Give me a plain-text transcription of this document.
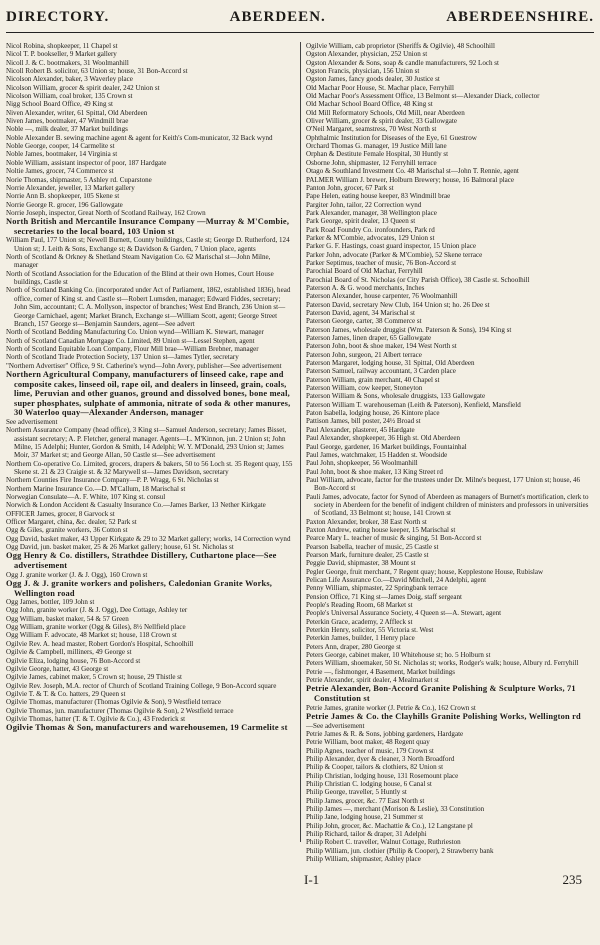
DIRECTORY.	ABERDEEN.	ABERDEENSHIRE.
Nicol Robina, shopkeeper, 11 Chapel st
Nicol T. P. bookseller, 9 Market gallery
Nicoll J. & C. bootmakers, 31 Woolmanhill
Nicoll Robert B. solicitor, 63 Union st; house, 31 Bon-Accord st
Nicolson Alexander, baker, 3 Waverley place
Nicolson William, grocer & spirit dealer, 242 Union st
Nicolson William, coal broker, 135 Crown st
Nigg School Board Office, 49 King st
Niven Alexander, writer, 61 Spittal, Old Aberdeen
Niven James, bootmaker, 47 Windmill brae
Noble —, milk dealer, 37 Market buildings
Noble Alexander B. sewing machine agent & agent for Keith's Com-municator, 32 Back wynd
Noble George, cooper, 14 Carmelite st
Noble James, bootmaker, 14 Virginia st
Noble William, assistant inspector of poor, 187 Hardgate
Noltie James, grocer, 74 Commerce st
Norie Thomas, shipmaster, 5 Ashley rd. Cuparstone
Norrie Alexander, jeweller, 13 Market gallery
Norrie Ann B. shopkeeper, 105 Skene st
Norrie George R. grocer, 196 Gallowgate
Norrie Joseph, inspector, Great North of Scotland Railway, 162 Crown
North British and Mercantile Insurance Company —Murray & M'Combie, secretaries to the local board, 103 Union st
William Paul, 177 Union st; Newell Burnett, County buildings, Castle st; George D. Rutherford, 124 Union st; J. Leith & Sons, Exchange st; & Davidson & Garden, 7 Union place, agents
North of Scotland & Orkney & Shetland Steam Navigation Co. 62 Marischal st—John Milne, manager
North of Scotland Association for the Education of the Blind at their own Homes, Court House buildings, Castle st
North of Scotland Banking Co. (incorporated under Act of Parliament, 1862, established 1836), head office, corner of King st. and Castle st—Robert Lumsden, manager; Edward Fiddes, secretary; John Sim, accountant; C. A. Mollyson, inspector of branches; West End Branch, 236 Union st—George Carnichael, agent; Market Branch, Exchange st—William Scott, agent; George Street Branch, 157 George st—Benjamin Saunders, agent—See advert
North of Scotland Bedding Manufacturing Co. Union wynd—William K. Stewart, manager
North of Scotland Canadian Mortgage Co. Limited, 89 Union st—Lessel Stephen, agent
North of Scotland Equitable Loan Company, Flour Mill brae—William Brebner, manager
North of Scotland Trade Protection Society, 137 Union st—James Tytler, secretary
"Northern Advertiser" Office, 9 St. Catherine's wynd—John Avery, publisher—See advertisement
Northern Agricultural Company, manufacturers of linseed cake, rape and composite cakes, linseed oil, rape oil, and dealers in linseed, grain, coals, lime, Peruvian and other guanos, ground and dissolved bones, bone meal, super phosphates, sulphate of ammonia, nitrate of soda & other manures, 30 Waterloo quay—Alexander Anderson, manager
See advertisement
Northern Assurance Company (head office), 3 King st—Samuel Anderson, secretary; James Bisset, assistant secretary; A. P. Fletcher, general manager. Agents—L. M'Kinnon, jun. 2 Union st; John Milne, 15 Adelphi; Hunter, Gordon & Smith, 14 Adelphi; W. Y. M'Donald, 293 Union st; James Moir, 37 Market st; and George Allan, 50 Castle st—See advertisement
Northern Co-operative Co. Limited, grocers, drapers & bakers, 50 to 56 Loch st. 35 Regent quay, 155 Skene st. 21 & 23 Craigie st. & 32 Marywell st—James Davidson, secretary
Northern Counties Fire Insurance Company—P. P. Wragg, 6 St. Nicholas st
Northern Marine Insurance Co.—D. M'Callum, 18 Marischal st
Norwegian Consulate—A. F. White, 107 King st. consul
Norwich & London Accident & Casualty Insurance Co.—James Barker, 13 Nether Kirkgate
OFFICER James, grocer, 8 Garvock st
Officer Margaret, china, &c. dealer, 52 Park st
Ogg & Giles, granite workers, 36 Cotton st
Ogg David, basket maker, 43 Upper Kirkgate & 29 to 32 Market gallery; works, 14 Correction wynd
Ogg David, jun. basket maker, 25 & 26 Market gallery; house, 61 St. Nicholas st
Ogg Henry & Co. distillers, Strathdee Distillery, Cuthartone place—See advertisement
Ogg J. granite worker (J. & J. Ogg), 160 Crown st
Ogg J. & J. granite workers and polishers, Caledonian Granite Works, Wellington road
Ogg James, bottler, 109 John st
Ogg John, granite worker (J. & J. Ogg), Dee Cottage, Ashley ter
Ogg William, basket maker, 54 & 57 Green
Ogg William, granite worker (Ogg & Giles), 8½ Nellfield place
Ogg William F. advocate, 48 Market st; house, 118 Crown st
Ogilvie Rev. A. head master, Robert Gordon's Hospital, Schoolhill
Ogilvie & Campbell, milliners, 49 George st
Ogilvie Eliza, lodging house, 76 Bon-Accord st
Ogilvie George, hatter, 43 George st
Ogilvie James, cabinet maker, 5 Crown st; house, 29 Thistle st
Ogilvie Rev. Joseph, M.A. rector of Church of Scotland Training College, 9 Bon-Accord square
Ogilvie T. & T. & Co. hatters, 29 Queen st
Ogilvie Thomas, manufacturer (Thomas Ogilvie & Son), 9 Westfield terrace
Ogilvie Thomas, jun. manufacturer (Thomas Ogilvie & Son), 2 Westfield terrace
Ogilvie Thomas, hatter (T. & T. Ogilvie & Co.), 43 Frederick st
Ogilvie Thomas & Son, manufacturers and warehousemen, 19 Carmelite st
Ogilvie William, cab proprietor (Sheriffs & Ogilvie), 48 Schoolhill
Ogston Alexander, physician, 252 Union st
Ogston Alexander & Sons, soap & candle manufacturers, 92 Loch st
Ogston Francis, physician, 156 Union st
Ogston James, fancy goods dealer, 30 Justice st
Old Machar Poor House, St. Machar place, Ferryhill
Old Machar Poor's Assessment Office, 13 Belmont st—Alexander Diack, collector
Old Machar School Board Office, 48 King st
Old Mill Reformatory Schools, Old Mill, near Aberdeen
Oliver William, grocer & spirit dealer, 33 Gallowgate
O'Neil Margaret, seamstress, 70 West North st
Ophthalmic Institution for Diseases of the Eye, 61 Guestrow
Orchard Thomas G. manager, 19 Justice Mill lane
Orphan & Destitute Female Hospital, 30 Huntly st
Osborne John, shipmaster, 12 Ferryhill terrace
Otago & Southland Investment Co. 48 Marischal st—John T. Rennie, agent
PALMER William J. brewer, Holburn Brewery; house, 16 Balmoral place
Panton John, grocer, 67 Park st
Pape Helen, eating house keeper, 83 Windmill brae
Pargiter John, tailor, 22 Correction wynd
Park Alexander, manager, 38 Wellington place
Park George, spirit dealer, 13 Queen st
Park Road Foundry Co. ironfounders, Park rd
Parker & M'Combie, advocates, 129 Union st
Parker G. F. Hastings, coast guard inspector, 15 Union place
Parker John, advocate (Parker & M'Combie), 52 Skene terrace
Parker Septimus, teacher of music, 76 Bon-Accord st
Parochial Board of Old Machar, Ferryhill
Parochial Board of St. Nicholas (or City Parish Office), 38 Castle st. Schoolhill
Paterson A. & G. wood merchants, Inches
Paterson Alexander, house carpenter, 76 Woolmanhill
Paterson David, secretary New Club, 164 Union st; ho. 26 Dee st
Paterson David, agent, 34 Marischal st
Paterson George, carter, 38 Commerce st
Paterson James, wholesale druggist (Wm. Paterson & Sons), 194 King st
Paterson James, linen draper, 65 Gallowgate
Paterson John, boot & shoe maker, 194 West North st
Paterson John, surgeon, 21 Albert terrace
Paterson Margaret, lodging house, 31 Spittal, Old Aberdeen
Paterson Samuel, railway accountant, 3 Carden place
Paterson William, grain merchant, 40 Chapel st
Paterson William, cow keeper, Stoneyton
Paterson William & Sons, wholesale druggists, 133 Gallowgate
Paterson William T. warehouseman (Leith & Paterson), Kenfield, Mansfield
Paton Isabella, lodging house, 26 Kintore place
Pattison James, bill poster, 24½ Broad st
Paul Alexander, plasterer, 45 Hardgate
Paul Alexander, shopkeeper, 36 High st. Old Aberdeen
Paul George, gardener, 16 Market buildings, Fountainhal
Paul James, watchmaker, 15 Hadden st. Woodside
Paul John, shopkeeper, 56 Woolmanhill
Paul John, boot & shoe maker, 13 King Street rd
Paul William, advocate, factor for the trustees under Dr. Milne's bequest, 177 Union st; house, 46 Bon-Accord st
Pauli James, advocate, factor for Synod of Aberdeen as managers of Burnett's mortification, clerk to society in Aberdeen for the benefit of indigent children of ministers and professors in universities of Scotland, 33 Belmont st; house, 141 Crown st
Paxton Alexander, broker, 38 East North st
Paxton Andrew, eating house keeper, 15 Marischal st
Pearce Mary L. teacher of music & singing, 51 Bon-Accord st
Pearson Isabella, teacher of music, 25 Castle st
Pearson Mark, furniture dealer, 25 Castle st
Peggie David, shipmaster, 38 Mount st
Pegler George, fruit merchant, 7 Regent quay; house, Kepplestone House, Rubislaw
Pelican Life Assurance Co.—David Mitchell, 24 Adelphi, agent
Penny William, shipmaster, 22 Springbank terrace
Pension Office, 71 King st—James Doig, staff sergeant
People's Reading Room, 68 Market st
People's Universal Assurance Society, 4 Queen st—A. Stewart, agent
Peterkin Grace, academy, 2 Affleck st
Peterkin Henry, solicitor, 55 Victoria st. West
Peterkin James, builder, 1 Henry place
Peters Ann, draper, 280 George st
Peters George, cabinet maker, 10 Whitehouse st; ho. 5 Holburn st
Peters William, shoemaker, 50 St. Nicholas st; works, Rodger's walk; house, Albury rd. Ferryhill
Petrie —, fishmonger, 4 Basement, Market buildings
Petrie Alexander, spirit dealer, 4 Mealmarket st
Petrie Alexander, Bon-Accord Granite Polishing & Sculpture Works, 71 Constitution st
Petrie James, granite worker (J. Petrie & Co.), 162 Crown st
Petrie James & Co. the Clayhills Granite Polishing Works, Wellington rd
—See advertisement
Petrie James & R. & Sons, jobbing gardeners, Hardgate
Petrie William, boot maker, 48 Regent quay
Philip Agnes, teacher of music, 179 Crown st
Philip Alexander, dyer & cleaner, 3 North Broadford
Philip & Cooper, tailors & clothiers, 82 Union st
Philip Christian, lodging house, 131 Rosemount place
Philip Christian C. lodging house, 6 Canal st
Philip George, traveller, 5 Huntly st
Philip James, grocer, &c. 77 East North st
Philip James —, merchant (Morison & Leslie), 33 Constitution
Philip Jane, lodging house, 21 Summer st
Philip John, grocer, &c. Machattie & Co.), 12 Langstane pl
Philip Richard, tailor & draper, 31 Adelphi
Philip Robert C. traveller, Walnut Cottage, Ruthrieston
Philip William, jun. clothier (Philip & Cooper), 2 Strawberry bank
Philip William, shipmaster, Ashley place
I-1	235
